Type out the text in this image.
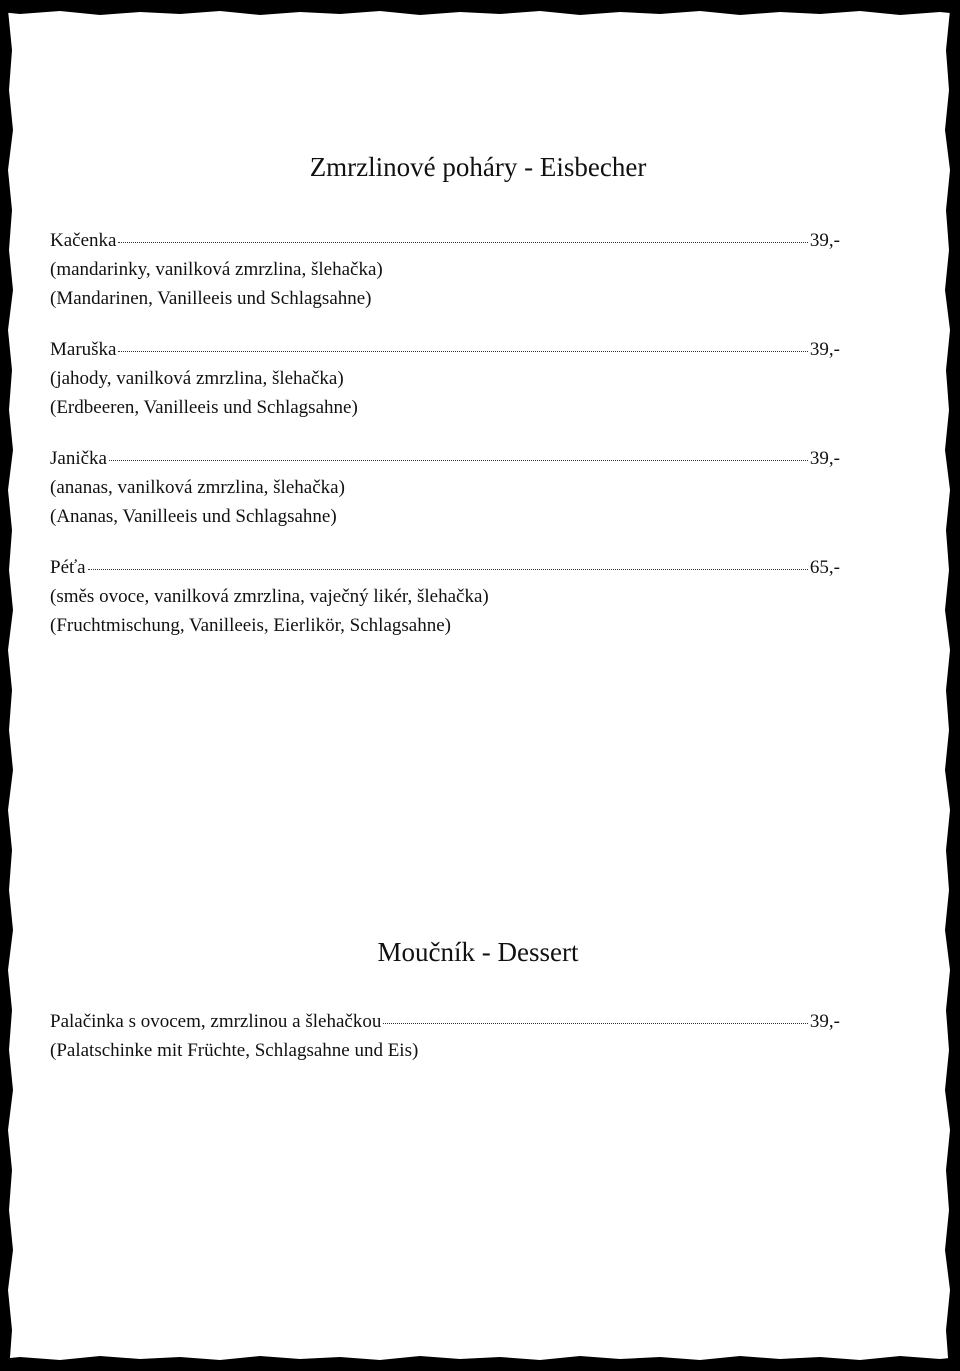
Zmrzlinové poháry - Eisbecher
Kačenka	39,-
(mandarinky, vanilková zmrzlina, šlehačka)
(Mandarinen, Vanilleeis und Schlagsahne)
Maruška	39,-
(jahody, vanilková zmrzlina, šlehačka)
(Erdbeeren, Vanilleeis und Schlagsahne)
Janička	39,-
(ananas, vanilková zmrzlina, šlehačka)
(Ananas, Vanilleeis und Schlagsahne)
Péťa	65,-
(směs ovoce, vanilková zmrzlina, vaječný likér, šlehačka)
(Fruchtmischung, Vanilleeis, Eierlikör, Schlagsahne)
Moučník - Dessert
Palačinka s ovocem, zmrzlinou a šlehačkou	39,-
(Palatschinke mit Früchte, Schlagsahne und Eis)
